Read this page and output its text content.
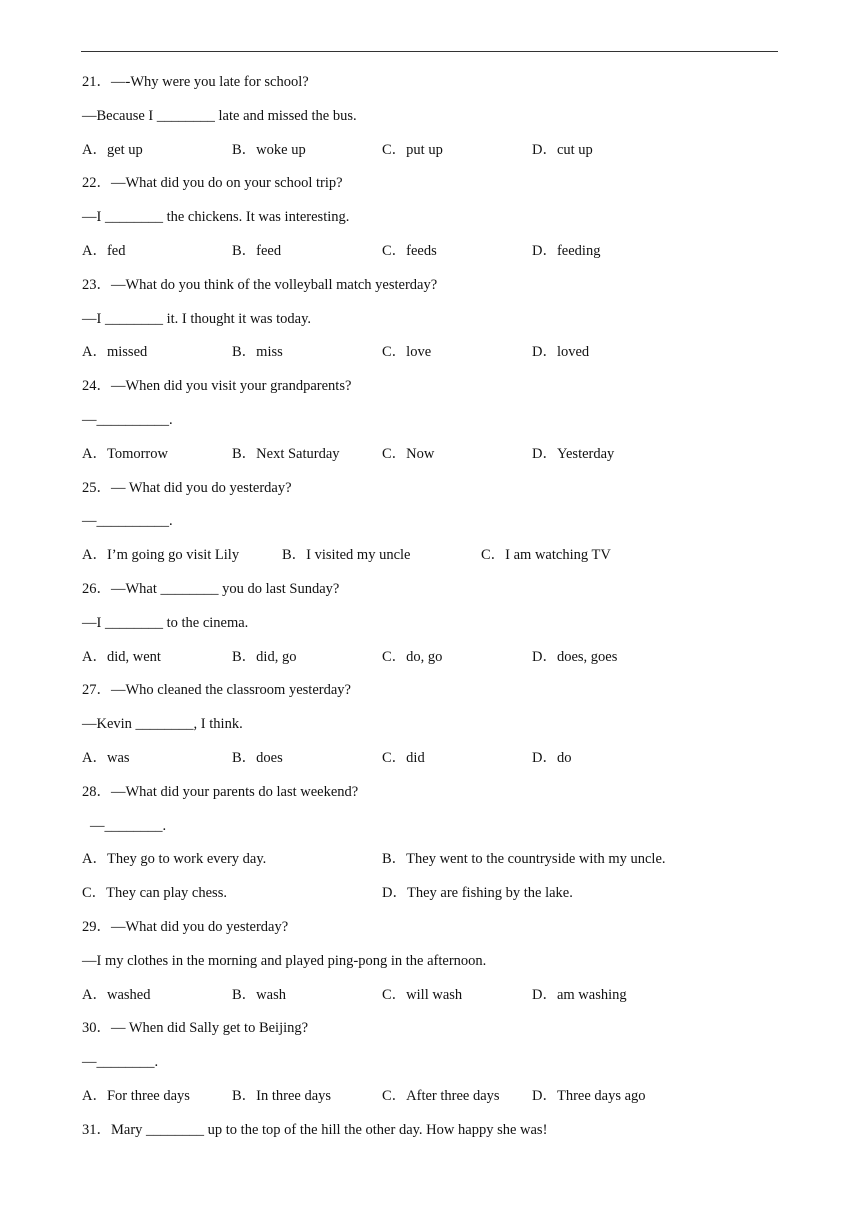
21．—-Why were you late for school?
—Because I ________ late and missed the bus.
A．get up	B．woke up	C．put up	D．cut up
22．—What did you do on your school trip?
—I ________ the chickens. It was interesting.
A．fed	B．feed	C．feeds	D．feeding
23．—What do you think of the volleyball match yesterday?
—I ________ it. I thought it was today.
A．missed	B．miss	C．love	D．loved
24．—When did you visit your grandparents?
—__________.
A．Tomorrow	B．Next Saturday	C．Now	D．Yesterday
25．— What did you do yesterday?
—__________.
A．I’m going go visit Lily	B．I visited my uncle	C．I am watching TV
26．—What ________ you do last Sunday?
—I ________ to the cinema.
A．did, went	B．did, go	C．do, go	D．does, goes
27．—Who cleaned the classroom yesterday?
—Kevin ________, I think.
A．was	B．does	C．did	D．do
28．—What did your parents do last weekend?
—________.
A．They go to work every day.	B．They went to the countryside with my uncle.
C．They can play chess.	D．They are fishing by the lake.
29．—What did you do yesterday?
—I my clothes in the morning and played ping-pong in the afternoon.
A．washed	B．wash	C．will wash	D．am washing
30．— When did Sally get to Beijing?
—________.
A．For three days	B．In three days	C．After three days D．Three days ago
31．Mary ________ up to the top of the hill the other day. How happy she was!
